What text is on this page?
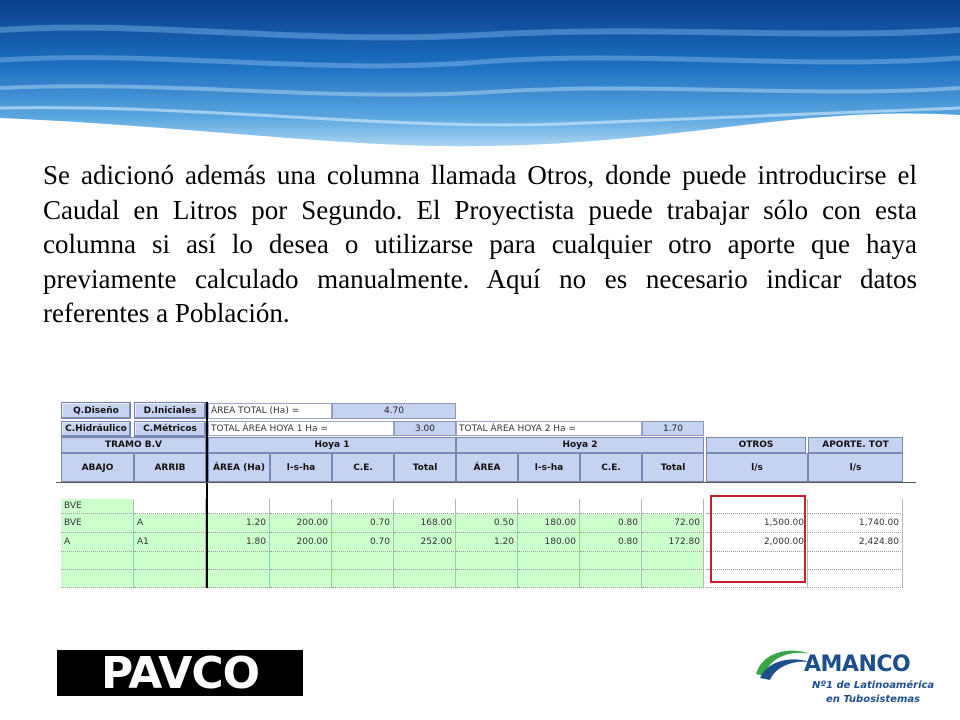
Se adicionó además una columna llamada Otros, donde puede introducirse el Caudal en Litros por Segundo. El Proyectista puede trabajar sólo con esta columna si así lo desea o utilizarse para cualquier otro aporte que haya previamente calculado manualmente. Aquí no es necesario indicar datos referentes a Población.

Q.Diseño	D.Iniciales
C.Hidráulico	C.Métricos
ÁREA TOTAL (Ha) =	4.70
TOTAL ÁREA HOYA 1 Ha =	3.00	TOTAL ÁREA HOYA 2 Ha =	1.70
TRAMO B.V	Hoya 1	Hoya 2	OTROS	APORTE. TOT
ABAJO	ARRIB	ÁREA (Ha)	l-s-ha	C.E.	Total	ÁREA	l-s-ha	C.E.	Total	l/s	l/s
BVE
BVE	A	1.20	200.00	0.70	168.00	0.50	180.00	0.80	72.00	1,500.00	1,740.00
A	A1	1.80	200.00	0.70	252.00	1.20	180.00	0.80	172.80	2,000.00	2,424.80
PAVCO	AMANCO
Nº1 de Latinoamérica
en Tubosistemas
